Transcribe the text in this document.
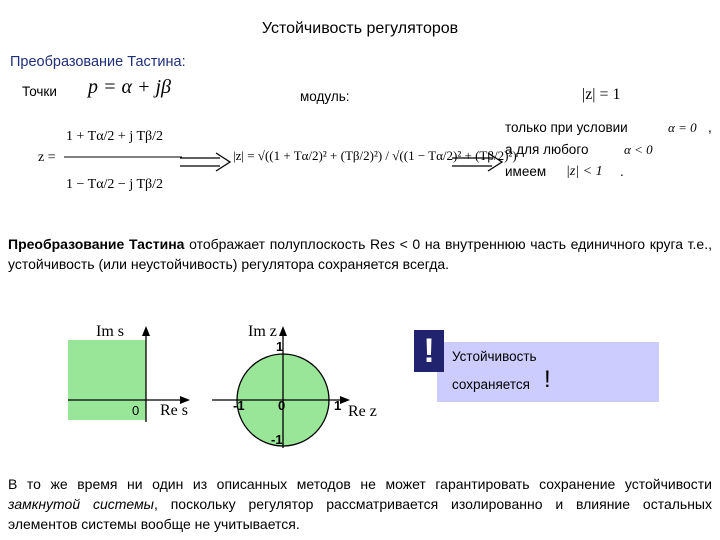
Устойчивость регуляторов
Преобразование Тастина:
Точки p = α + jβ	модуль:	|z| = 1
z =
1 + Tα/2 + j Tβ/2
1 − Tα/2 − j Tβ/2
|z| = √((1 + Tα/2)² + (Tβ/2)²) / √((1 − Tα/2)² + (Tβ/2)²)
только при условии	α = 0 ,
а для любого	α < 0
имеем |z| < 1 .
Преобразование Тастина отображает полуплоскость Res < 0 на внутреннюю часть единичного круга т.е., устойчивость (или неустойчивость) регулятора сохраняется всегда.
Im s
Re s
0
Im z
Re z
1
-1
-1	1
0
!	Устойчивость
сохраняется !
В то же время ни один из описанных методов не может гарантировать сохранение устойчивости замкнутой системы, поскольку регулятор рассматривается изолированно и влияние остальных элементов системы вообще не учитывается.
